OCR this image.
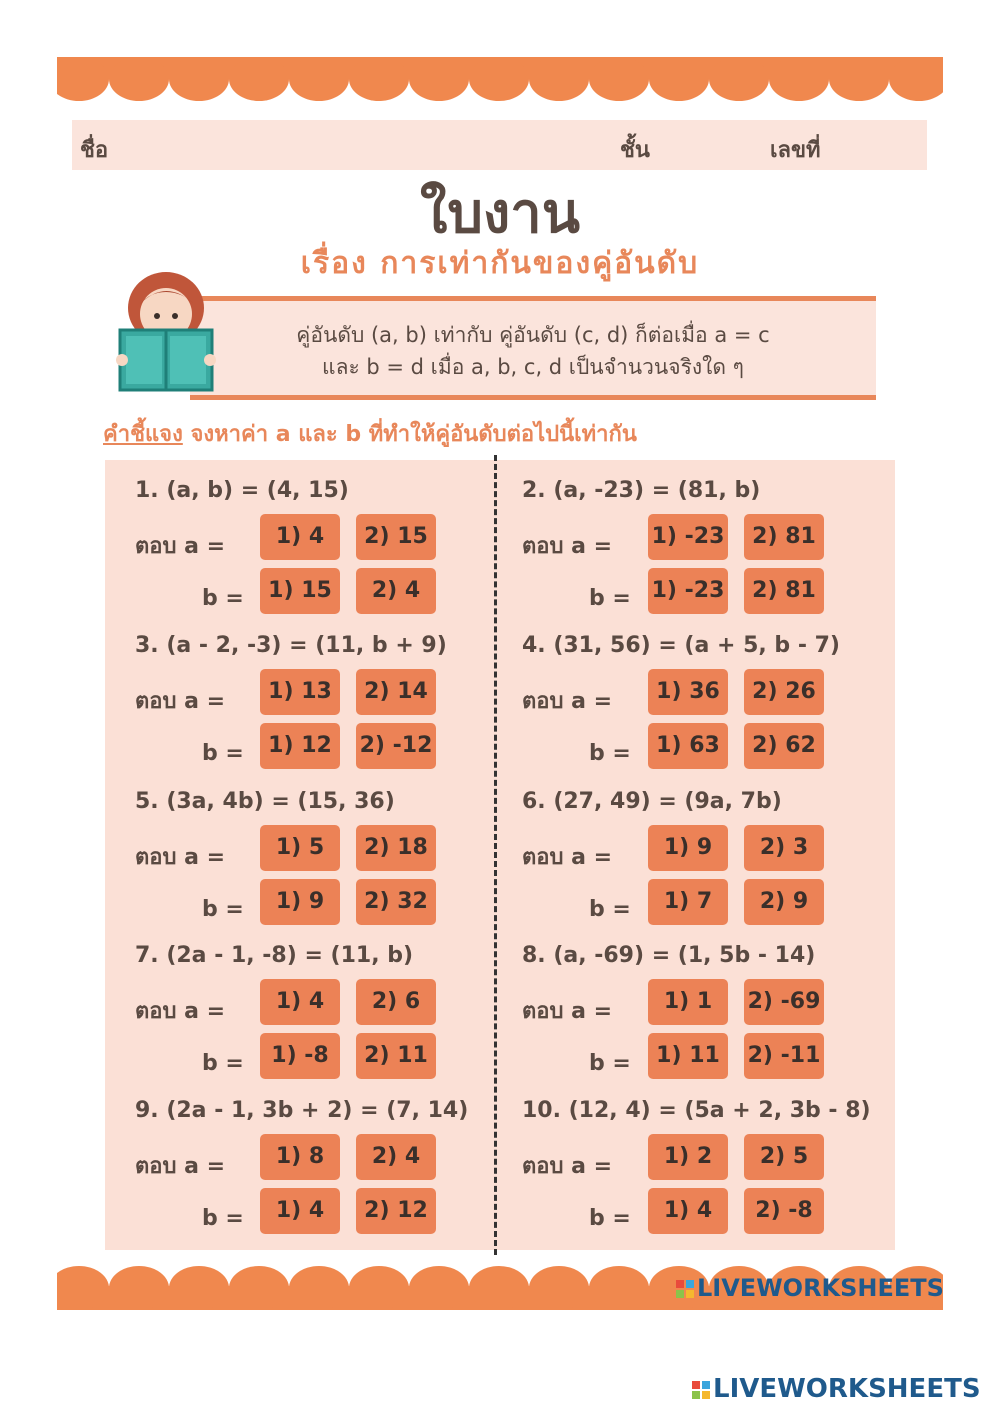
ชื่อ	ชั้น	เลขที่
ใบงาน
เรื่อง การเท่ากันของคู่อันดับ
คู่อันดับ (a, b) เท่ากับ คู่อันดับ (c, d) ก็ต่อเมื่อ a = c
และ b = d เมื่อ a, b, c, d เป็นจำนวนจริงใด ๆ
คำชี้แจง จงหาค่า a และ b ที่ทำให้คู่อันดับต่อไปนี้เท่ากัน
1. (a, b) = (4, 15)
ตอบ a =	1) 4	2) 15
b =	1) 15	2) 4
2. (a, -23) = (81, b)
ตอบ a = 1) -23	2) 81
b = 1) -23	2) 81
3. (a - 2, -3) = (11, b + 9)
ตอบ a =	1) 13	2) 14
b =	1) 12	2) -12
4. (31, 56) = (a + 5, b - 7)
ตอบ a =	1) 36	2) 26
b =	1) 63	2) 62
5. (3a, 4b) = (15, 36)
ตอบ a =	1) 5	2) 18
b =	1) 9	2) 32
6. (27, 49) = (9a, 7b)
ตอบ a =	1) 9	2) 3
b =	1) 7	2) 9
7. (2a - 1, -8) = (11, b)
ตอบ a =	1) 4	2) 6
b =	1) -8	2) 11
8. (a, -69) = (1, 5b - 14)
ตอบ a =	1) 1	2) -69
b =	1) 11	2) -11
9. (2a - 1, 3b + 2) = (7, 14)
ตอบ a =	1) 8	2) 4
b =	1) 4	2) 12
10. (12, 4) = (5a + 2, 3b - 8)
ตอบ a =	1) 2	2) 5
b =	1) 4	2) -8
LIVEWORKSHEETS
LIVEWORKSHEETS
